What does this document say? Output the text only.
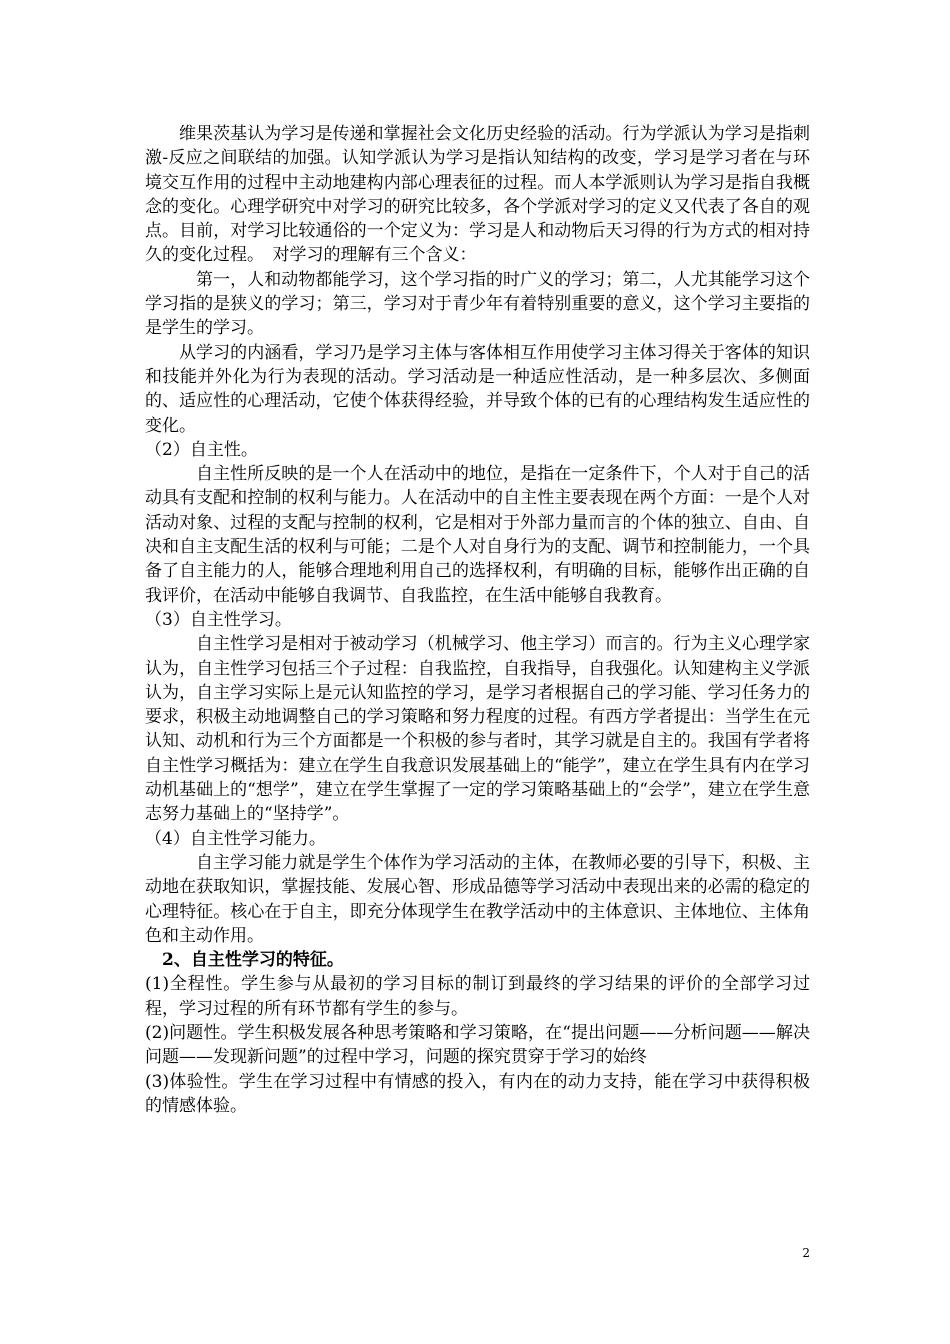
维果茨基认为学习是传递和掌握社会文化历史经验的活动。行为学派认为学习是指刺激-反应之间联结的加强。认知学派认为学习是指认知结构的改变，学习是学习者在与环境交互作用的过程中主动地建构内部心理表征的过程。而人本学派则认为学习是指自我概念的变化。心理学研究中对学习的研究比较多，各个学派对学习的定义又代表了各自的观点。目前，对学习比较通俗的一个定义为：学习是人和动物后天习得的行为方式的相对持久的变化过程。　对学习的理解有三个含义：

第一，人和动物都能学习，这个学习指的时广义的学习；第二，人尤其能学习这个学习指的是狭义的学习；第三，学习对于青少年有着特别重要的意义，这个学习主要指的是学生的学习。

从学习的内涵看，学习乃是学习主体与客体相互作用使学习主体习得关于客体的知识和技能并外化为行为表现的活动。学习活动是一种适应性活动，是一种多层次、多侧面的、适应性的心理活动，它使个体获得经验，并导致个体的已有的心理结构发生适应性的变化。

（2）自主性。

自主性所反映的是一个人在活动中的地位，是指在一定条件下，个人对于自己的活动具有支配和控制的权利与能力。人在活动中的自主性主要表现在两个方面：一是个人对活动对象、过程的支配与控制的权利，它是相对于外部力量而言的个体的独立、自由、自决和自主支配生活的权利与可能；二是个人对自身行为的支配、调节和控制能力，一个具备了自主能力的人，能够合理地利用自己的选择权利，有明确的目标，能够作出正确的自我评价，在活动中能够自我调节、自我监控，在生活中能够自我教育。

（3）自主性学习。

自主性学习是相对于被动学习（机械学习、他主学习）而言的。行为主义心理学家认为，自主性学习包括三个子过程：自我监控，自我指导，自我强化。认知建构主义学派认为，自主学习实际上是元认知监控的学习，是学习者根据自己的学习能、学习任务力的要求，积极主动地调整自己的学习策略和努力程度的过程。有西方学者提出：当学生在元认知、动机和行为三个方面都是一个积极的参与者时，其学习就是自主的。我国有学者将自主性学习概括为：建立在学生自我意识发展基础上的“能学”，建立在学生具有内在学习动机基础上的“想学”，建立在学生掌握了一定的学习策略基础上的“会学”，建立在学生意志努力基础上的“坚持学”。

（4）自主性学习能力。

自主学习能力就是学生个体作为学习活动的主体，在教师必要的引导下，积极、主动地在获取知识，掌握技能、发展心智、形成品德等学习活动中表现出来的必需的稳定的心理特征。核心在于自主，即充分体现学生在教学活动中的主体意识、主体地位、主体角色和主动作用。

2、自主性学习的特征。

(1)全程性。学生参与从最初的学习目标的制订到最终的学习结果的评价的全部学习过程，学习过程的所有环节都有学生的参与。

(2)问题性。学生积极发展各种思考策略和学习策略，在“提出问题——分析问题——解决问题——发现新问题”的过程中学习，问题的探究贯穿于学习的始终

(3)体验性。学生在学习过程中有情感的投入，有内在的动力支持，能在学习中获得积极的情感体验。

2
